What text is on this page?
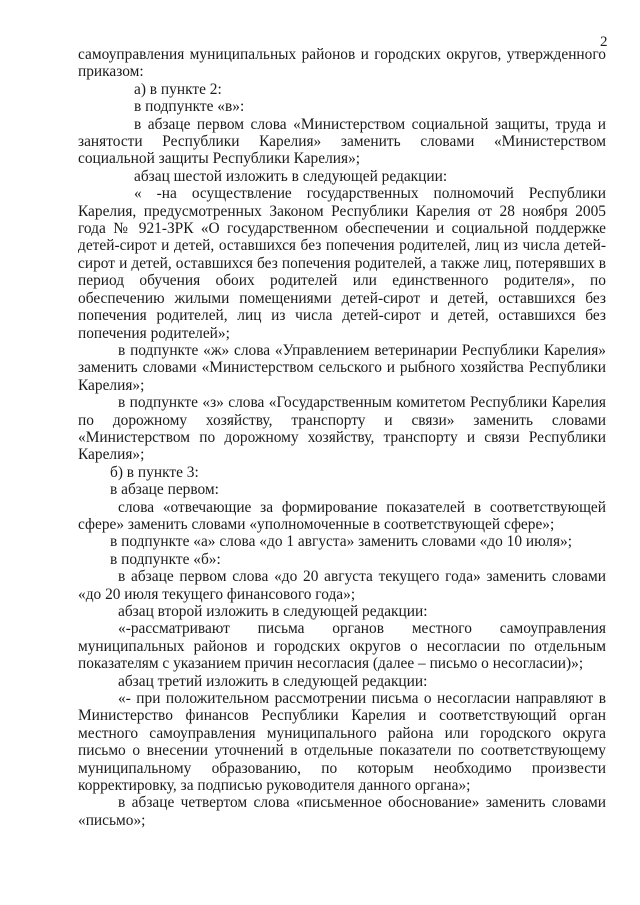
2

самоуправления муниципальных районов и городских округов, утвержденного приказом:

а) в пункте 2:

в подпункте «в»:

в абзаце первом слова «Министерством социальной защиты, труда и занятости Республики Карелия» заменить словами «Министерством социальной защиты Республики Карелия»;

абзац шестой изложить в следующей редакции:

« -на осуществление государственных полномочий Республики Карелия, предусмотренных Законом Республики Карелия от 28 ноября 2005 года № 921-ЗРК «О государственном обеспечении и социальной поддержке детей-сирот и детей, оставшихся без попечения родителей, лиц из числа детей-сирот и детей, оставшихся без попечения родителей, а также лиц, потерявших в период обучения обоих родителей или единственного родителя», по обеспечению жилыми помещениями детей-сирот и детей, оставшихся без попечения родителей, лиц из числа детей-сирот и детей, оставшихся без попечения родителей»;

в подпункте «ж» слова «Управлением ветеринарии Республики Карелия» заменить словами «Министерством сельского и рыбного хозяйства Республики Карелия»;

в подпункте «з» слова «Государственным комитетом Республики Карелия по дорожному хозяйству, транспорту и связи» заменить словами «Министерством по дорожному хозяйству, транспорту и связи Республики Карелия»;

б) в пункте 3:

в абзаце первом:

слова «отвечающие за формирование показателей в соответствующей сфере» заменить словами «уполномоченные в соответствующей сфере»;

в подпункте «а» слова «до 1 августа» заменить словами «до 10 июля»;

в подпункте «б»:

в абзаце первом слова «до 20 августа текущего года» заменить словами «до 20 июля текущего финансового года»;

абзац второй изложить в следующей редакции:

«-рассматривают письма органов местного самоуправления муниципальных районов и городских округов о несогласии по отдельным показателям с указанием причин несогласия (далее – письмо о несогласии)»;

абзац третий изложить в следующей редакции:

«- при положительном рассмотрении письма о несогласии направляют в Министерство финансов Республики Карелия и соответствующий орган местного самоуправления муниципального района или городского округа письмо о внесении уточнений в отдельные показатели по соответствующему муниципальному образованию, по которым необходимо произвести корректировку, за подписью руководителя данного органа»;

в абзаце четвертом слова «письменное обоснование» заменить словами «письмо»;
